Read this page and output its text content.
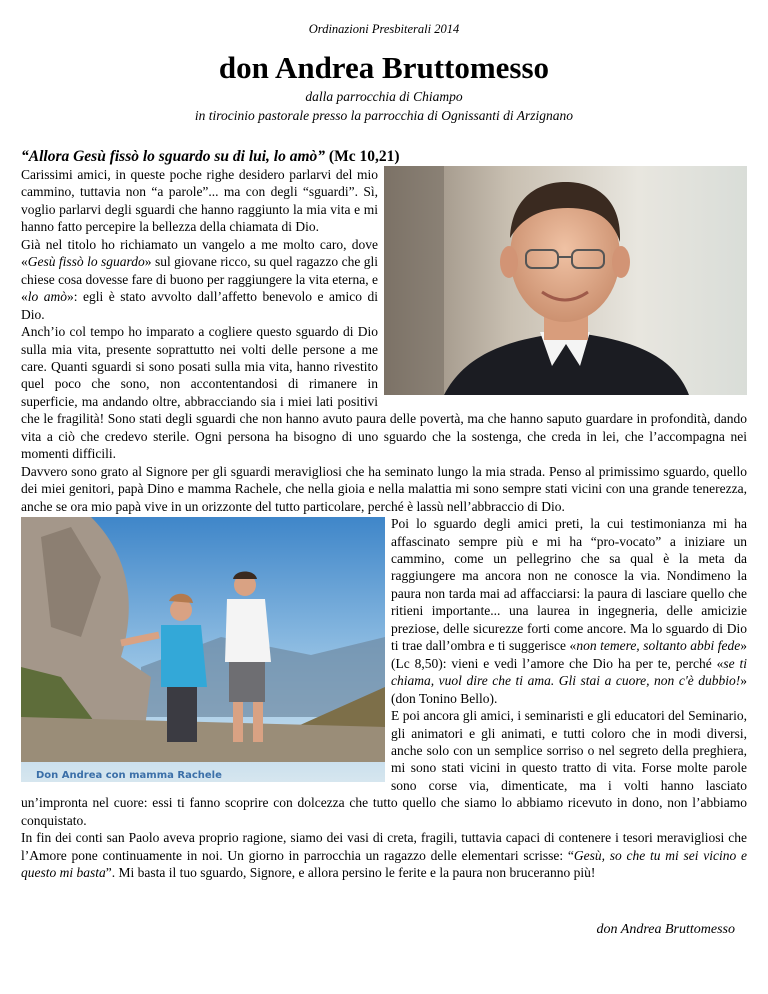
Ordinazioni Presbiterali 2014
don Andrea Bruttomesso
dalla parrocchia di Chiampo
in tirocinio pastorale presso la parrocchia di Ognissanti di Arzignano
“Allora Gesù fissò lo sguardo su di lui, lo amò” (Mc 10,21)

Carissimi amici, in queste poche righe desidero parlarvi del mio cammino, tuttavia non “a parole”... ma con degli “sguardi”. Sì, voglio parlarvi degli sguardi che hanno raggiunto la mia vita e mi hanno fatto percepire la bellezza della chiamata di Dio.
Già nel titolo ho richiamato un vangelo a me molto caro, dove «Gesù fissò lo sguardo» sul giovane ricco, su quel ragazzo che gli chiese cosa dovesse fare di buono per raggiungere la vita eterna, e «lo amò»: egli è stato avvolto dall’affetto benevolo e amico di Dio.
Anch’io col tempo ho imparato a cogliere questo sguardo di Dio sulla mia vita, presente soprattutto nei volti delle persone a me care. Quanti sguardi si sono posati sulla mia vita, hanno rivestito quel poco che sono, non accontentandosi di rimanere in superficie, ma andando oltre, abbracciando sia i miei lati positivi che le fragilità! Sono stati degli sguardi che non hanno avuto paura delle povertà, ma che hanno saputo guardare in profondità, dando vita a ciò che credevo sterile. Ogni persona ha bisogno di uno sguardo che la sostenga, che creda in lei, che l’accompagna nei momenti difficili.

Davvero sono grato al Signore per gli sguardi meravigliosi che ha seminato lungo la mia strada. Penso al primissimo sguardo, quello dei miei genitori, papà Dino e mamma Rachele, che nella gioia e nella malattia mi sono sempre stati vicini con una grande tenerezza, anche se ora mio papà vive in un orizzonte del tutto particolare, perché è lassù nell’abbraccio di Dio.

Don Andrea con mamma Rachele
Poi lo sguardo degli amici preti, la cui testimonianza mi ha affascinato sempre più e mi ha “pro-vocato” a iniziare un cammino, come un pellegrino che sa qual è la meta da raggiungere ma ancora non ne conosce la via. Nondimeno la paura non tarda mai ad affacciarsi: la paura di lasciare quello che ritieni importante... una laurea in ingegneria, delle amicizie preziose, delle sicurezze forti come ancore. Ma lo sguardo di Dio ti trae dall’ombra e ti suggerisce «non temere, soltanto abbi fede» (Lc 8,50): vieni e vedi l’amore che Dio ha per te, perché «se ti chiama, vuol dire che ti ama. Gli stai a cuore, non c'è dubbio!» (don Tonino Bello).
E poi ancora gli amici, i seminaristi e gli educatori del Seminario, gli animatori e gli animati, e tutti coloro che in modi diversi, anche solo con un semplice sorriso o nel segreto della preghiera, mi sono stati vicini in questo tratto di vita. Forse molte parole sono corse via, dimenticate, ma i volti hanno lasciato un’impronta nel cuore: essi ti fanno scoprire con dolcezza che tutto quello che siamo lo abbiamo ricevuto in dono, non l’abbiamo conquistato.

In fin dei conti san Paolo aveva proprio ragione, siamo dei vasi di creta, fragili, tuttavia capaci di contenere i tesori meravigliosi che l’Amore pone continuamente in noi. Un giorno in parrocchia un ragazzo delle elementari scrisse: “Gesù, so che tu mi sei vicino e questo mi basta”. Mi basta il tuo sguardo, Signore, e allora persino le ferite e la paura non bruceranno più!

don Andrea Bruttomesso
